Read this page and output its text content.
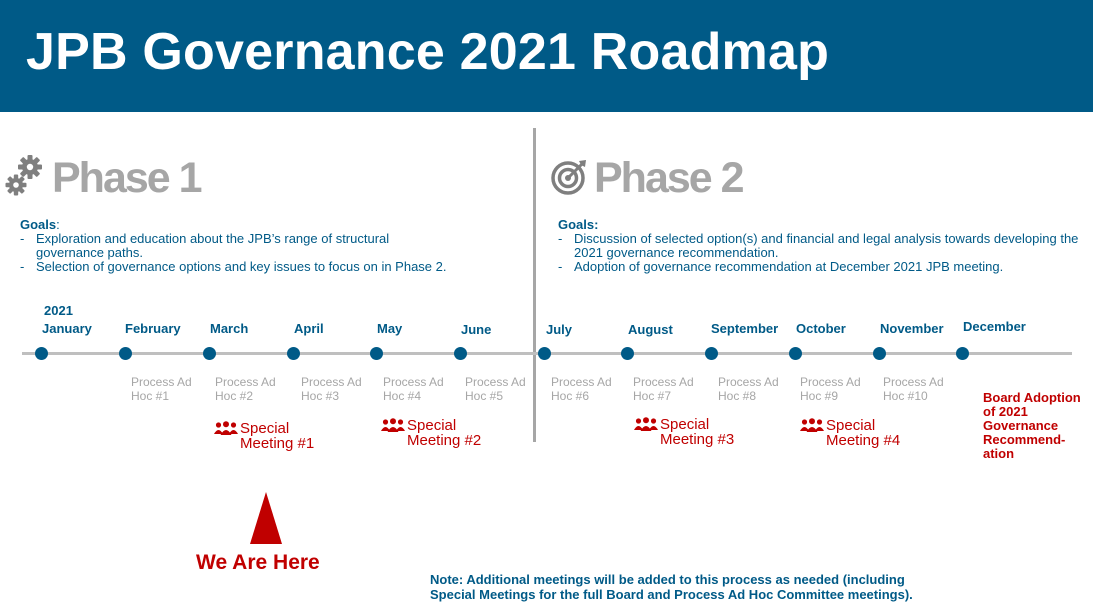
JPB Governance 2021 Roadmap
Phase 1
Goals:
- Exploration and education about the JPB’s range of structural governance paths.
- Selection of governance options and key issues to focus on in Phase 2.
Phase 2
Goals:
- Discussion of selected option(s) and financial and legal analysis towards developing the 2021 governance recommendation.
- Adoption of governance recommendation at December 2021 JPB meeting.
2021
January	February March	April	May	June	July	August	September October	November December
Process Ad
Hoc #1
Process Ad
Hoc #2
Process Ad
Hoc #3
Process Ad
Hoc #4
Process Ad
Hoc #5
Process Ad
Hoc #6
Process Ad
Hoc #7
Process Ad
Hoc #8
Process Ad
Hoc #9
Process Ad
Hoc #10
Special
Meeting #1
Special
Meeting #2
Special
Meeting #3
Special
Meeting #4
Board Adoption
of 2021
Governance
Recommend-
ation
We Are Here
Note: Additional meetings will be added to this process as needed (including
Special Meetings for the full Board and Process Ad Hoc Committee meetings).
